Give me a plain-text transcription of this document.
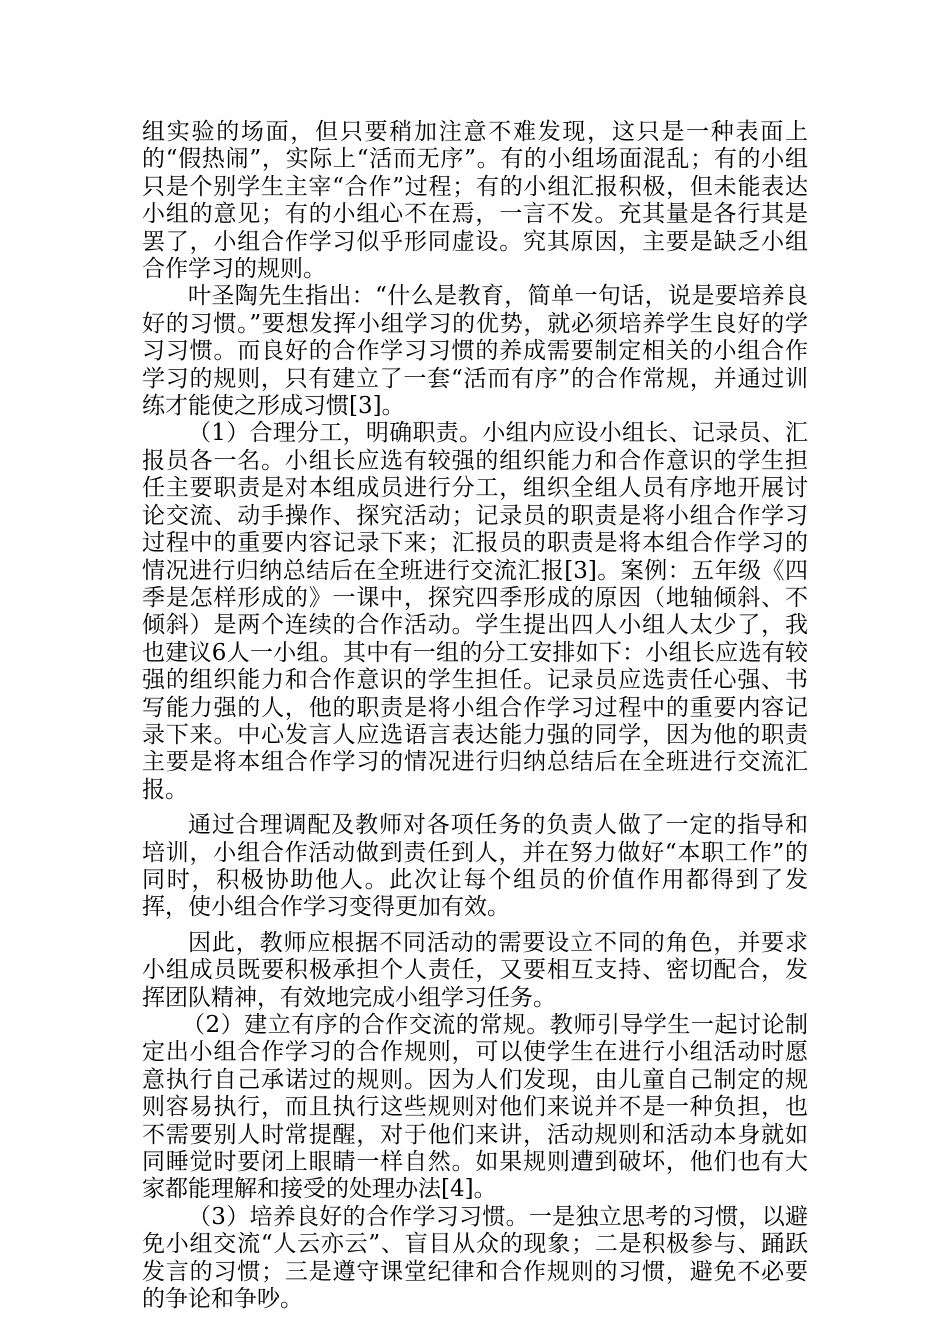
组实验的场面，但只要稍加注意不难发现，这只是一种表面上的“假热闹”，实际上“活而无序”。有的小组场面混乱；有的小组只是个别学生主宰“合作”过程；有的小组汇报积极，但未能表达小组的意见；有的小组心不在焉，一言不发。充其量是各行其是罢了，小组合作学习似乎形同虚设。究其原因，主要是缺乏小组合作学习的规则。

叶圣陶先生指出：“什么是教育，简单一句话，说是要培养良好的习惯。”要想发挥小组学习的优势，就必须培养学生良好的学习习惯。而良好的合作学习习惯的养成需要制定相关的小组合作学习的规则，只有建立了一套“活而有序”的合作常规，并通过训练才能使之形成习惯[3]。

（1）合理分工，明确职责。小组内应设小组长、记录员、汇报员各一名。小组长应选有较强的组织能力和合作意识的学生担任主要职责是对本组成员进行分工，组织全组人员有序地开展讨论交流、动手操作、探究活动；记录员的职责是将小组合作学习过程中的重要内容记录下来；汇报员的职责是将本组合作学习的情况进行归纳总结后在全班进行交流汇报[3]。案例：五年级《四季是怎样形成的》一课中，探究四季形成的原因（地轴倾斜、不倾斜）是两个连续的合作活动。学生提出四人小组人太少了，我也建议6人一小组。其中有一组的分工安排如下：小组长应选有较强的组织能力和合作意识的学生担任。记录员应选责任心强、书写能力强的人，他的职责是将小组合作学习过程中的重要内容记录下来。中心发言人应选语言表达能力强的同学，因为他的职责主要是将本组合作学习的情况进行归纳总结后在全班进行交流汇报。

通过合理调配及教师对各项任务的负责人做了一定的指导和培训，小组合作活动做到责任到人，并在努力做好“本职工作”的同时，积极协助他人。此次让每个组员的价值作用都得到了发挥，使小组合作学习变得更加有效。

因此，教师应根据不同活动的需要设立不同的角色，并要求小组成员既要积极承担个人责任，又要相互支持、密切配合，发挥团队精神，有效地完成小组学习任务。

（2）建立有序的合作交流的常规。教师引导学生一起讨论制定出小组合作学习的合作规则，可以使学生在进行小组活动时愿意执行自己承诺过的规则。因为人们发现，由儿童自己制定的规则容易执行，而且执行这些规则对他们来说并不是一种负担，也不需要别人时常提醒，对于他们来讲，活动规则和活动本身就如同睡觉时要闭上眼睛一样自然。如果规则遭到破坏，他们也有大家都能理解和接受的处理办法[4]。

（3）培养良好的合作学习习惯。一是独立思考的习惯，以避免小组交流“人云亦云”、盲目从众的现象；二是积极参与、踊跃发言的习惯；三是遵守课堂纪律和合作规则的习惯，避免不必要的争论和争吵。
